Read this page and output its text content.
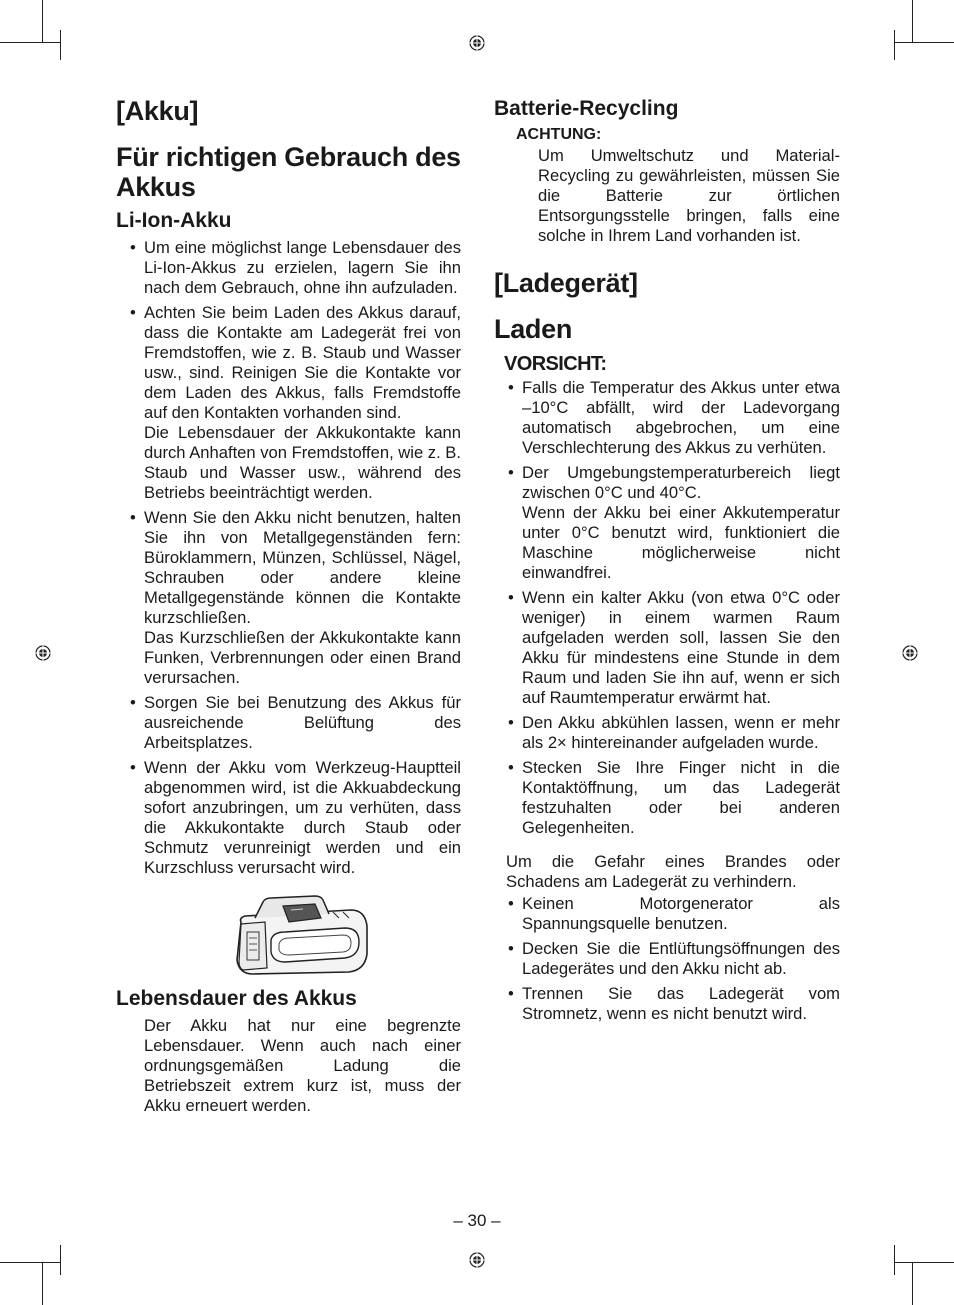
[Akku]
Für richtigen Gebrauch des Akkus
Li-Ion-Akku
• Um eine möglichst lange Lebensdauer des Li-Ion-Akkus zu erzielen, lagern Sie ihn nach dem Gebrauch, ohne ihn aufzuladen.
• Achten Sie beim Laden des Akkus darauf, dass die Kontakte am Ladegerät frei von Fremdstoffen, wie z. B. Staub und Wasser usw., sind. Reinigen Sie die Kontakte vor dem Laden des Akkus, falls Fremdstoffe auf den Kontakten vorhanden sind.
Die Lebensdauer der Akkukontakte kann durch Anhaften von Fremdstoffen, wie z. B. Staub und Wasser usw., während des Betriebs beeinträchtigt werden.
• Wenn Sie den Akku nicht benutzen, halten Sie ihn von Metallgegenständen fern: Büroklammern, Münzen, Schlüssel, Nägel, Schrauben oder andere kleine Metallgegenstände können die Kontakte kurzschließen.
Das Kurzschließen der Akkukontakte kann Funken, Verbrennungen oder einen Brand verursachen.
• Sorgen Sie bei Benutzung des Akkus für ausreichende Belüftung des Arbeitsplatzes.
• Wenn der Akku vom Werkzeug-Hauptteil abgenommen wird, ist die Akkuabdeckung sofort anzubringen, um zu verhüten, dass die Akkukontakte durch Staub oder Schmutz verunreinigt werden und ein Kurzschluss verursacht wird.
Lebensdauer des Akkus

Der Akku hat nur eine begrenzte Lebensdauer. Wenn auch nach einer ordnungsgemäßen Ladung die Betriebszeit extrem kurz ist, muss der Akku erneuert werden.

Batterie-Recycling
ACHTUNG:

Um Umweltschutz und Material-Recycling zu gewährleisten, müssen Sie die Batterie zur örtlichen Entsorgungsstelle bringen, falls eine solche in Ihrem Land vorhanden ist.

[Ladegerät]
Laden
VORSICHT:
• Falls die Temperatur des Akkus unter etwa –10°C abfällt, wird der Ladevorgang automatisch abgebrochen, um eine Verschlechterung des Akkus zu verhüten.
• Der Umgebungstemperaturbereich liegt zwischen 0°C und 40°C.
Wenn der Akku bei einer Akkutemperatur unter 0°C benutzt wird, funktioniert die Maschine möglicherweise nicht einwandfrei.
• Wenn ein kalter Akku (von etwa 0°C oder weniger) in einem warmen Raum aufgeladen werden soll, lassen Sie den Akku für mindestens eine Stunde in dem Raum und laden Sie ihn auf, wenn er sich auf Raumtemperatur erwärmt hat.
• Den Akku abkühlen lassen, wenn er mehr als 2× hintereinander aufgeladen wurde.
• Stecken Sie Ihre Finger nicht in die Kontaktöffnung, um das Ladegerät festzuhalten oder bei anderen Gelegenheiten.

Um die Gefahr eines Brandes oder Schadens am Ladegerät zu verhindern.

• Keinen Motorgenerator als Spannungsquelle benutzen.
• Decken Sie die Entlüftungsöffnungen des Ladegerätes und den Akku nicht ab.
• Trennen Sie das Ladegerät vom Stromnetz, wenn es nicht benutzt wird.
– 30 –
